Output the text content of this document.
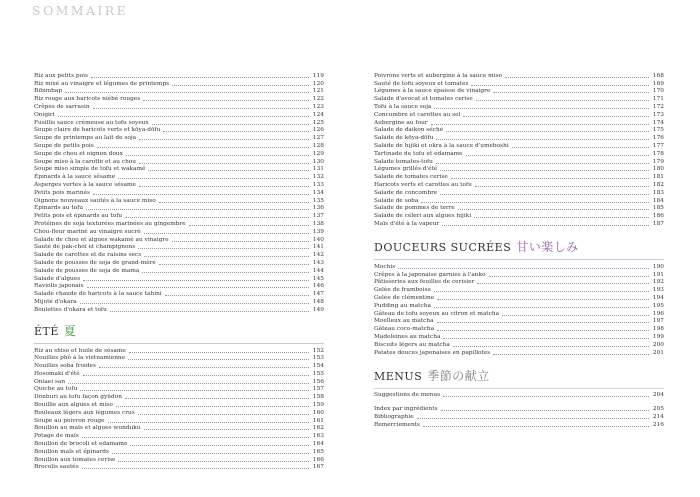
SOMMAIRE
Riz aux petits pois	119
Riz mixé au vinaigre et légumes de printemps	120
Bibimbap	121
Riz rouge aux haricots niébé rouges	122
Crêpes de sarrasin	123
Onigiri	124
Fusillis sauce crémeuse au tofu soyeux	125
Soupe claire de haricots verts et kōya-dōfu	126
Soupe de printemps au lait de soja	127
Soupe de petits pois	128
Soupe de chou et oignon doux	129
Soupe miso à la carotte et au chou	130
Soupe miso simple de tofu et wakamé	131
Épinards à la sauce sésame	132
Asperges vertes à la sauce sésame	133
Petits pois marinés	134
Oignons nouveaux sautés à la sauce miso	135
Épinards au tofu	136
Petits pois et épinards au tofu	137
Protéines de soja texturées marinées au gingembre	138
Chou-fleur mariné au vinaigre sucré	139
Salade de chou et algues wakamé au vinaigre	140
Sauté de pak-choï et champignons	141
Salade de carottes et de raisins secs	142
Salade de pousses de soja de grand-mère	143
Salade de pousses de soja de mama	144
Salade d'algues	145
Raviolis japonais	146
Salade chaude de haricots à la sauce tahini	147
Mijoté d'okara	148
Boulettes d'okara et tofu	149
ÉTÉ 夏
Riz au shiso et huile de sésame	152
Nouilles phô à la vietnamienne	153
Nouilles soba froides	154
Hosomaki d'été	155
Oniaei san	156
Quiche au tofu	157
Donburi au tofu façon gyūdon	158
Bouillie aux algues et miso	159
Rouleaux légers aux légumes crus	160
Soupe au poivron rouge	161
Bouillon au maïs et algues wunduku	162
Potage de maïs	163
Bouillon de brocoli et edamame	164
Bouillon maïs et épinards	165
Bouillon aux tomates cerise	166
Brocolis sautés	167
Poivrons verts et aubergine à la sauce miso	168
Sauté de tofu soyeux et tomates	169
Légumes à la sauce épaisse de vinaigre	170
Salade d'avocat et tomates cerise	171
Tofu à la sauce soja	172
Concombre et carottes au sel	173
Aubergine au four	174
Salade de daikon séché	175
Salade de kōya-dōfu	176
Salade de hijiki et okra à la sauce d'umeboshi	177
Tartinade de tofu et edamame	178
Salade tomates-tofu	179
Légumes grillés d'été	180
Salade de tomates cerise	181
Haricots verts et carottes au tofu	182
Salade de concombre	183
Salade de soba	184
Salade de pommes de terre	185
Salade de céleri aux algues hijiki	186
Maïs d'été à la vapeur	187
DOUCEURS SUCRÉES 甘い楽しみ
Mochis	190
Crêpes à la japonaise garnies à l'anko	191
Pâtisseries aux feuilles de cerisier	192
Gelée de framboise	193
Gelée de clémentine	194
Pudding au matcha	195
Gâteau de tofu soyeux au citron et matcha	196
Moelleux au matcha	197
Gâteau coco-matcha	198
Madeleines au matcha	199
Biscuits légers au matcha	200
Patates douces japonaises en papillotes	201
MENUS 季節の献立
Suggestions de menus	204
Index par ingrédients	205
Bibliographie	214
Remerciements	216
